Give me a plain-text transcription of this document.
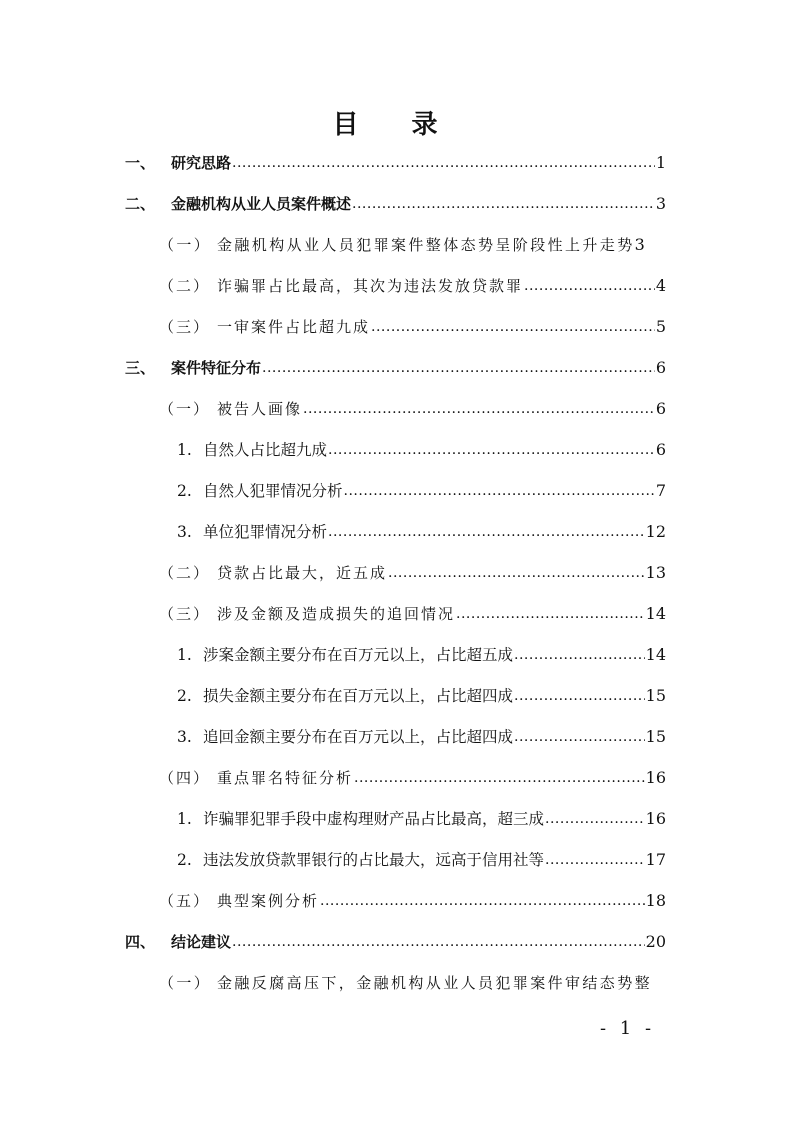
目 录
一、 研究思路 .....	1
二、 金融机构从业人员案件概述 .....	3
（一） 金融机构从业人员犯罪案件整体态势呈阶段性上升走势 3
（二） 诈骗罪占比最高，其次为违法发放贷款罪 .....	4
（三） 一审案件占比超九成 .....	5
三、 案件特征分布 .....	6
（一） 被告人画像 .....	6
1. 自然人占比超九成 .....	6
2. 自然人犯罪情况分析 .....	7
3. 单位犯罪情况分析 .....	12
（二） 贷款占比最大，近五成 .....	13
（三） 涉及金额及造成损失的追回情况 .....	14
1. 涉案金额主要分布在百万元以上，占比超五成 .....	14
2. 损失金额主要分布在百万元以上，占比超四成 .....	15
3. 追回金额主要分布在百万元以上，占比超四成 .....	15
（四） 重点罪名特征分析 .....	16
1. 诈骗罪犯罪手段中虚构理财产品占比最高，超三成 .....	16
2. 违法发放贷款罪银行的占比最大，远高于信用社等 .....	17
（五） 典型案例分析 .....	18
四、 结论建议 .....	20
（一） 金融反腐高压下，金融机构从业人员犯罪案件审结态势整
- 1 -
